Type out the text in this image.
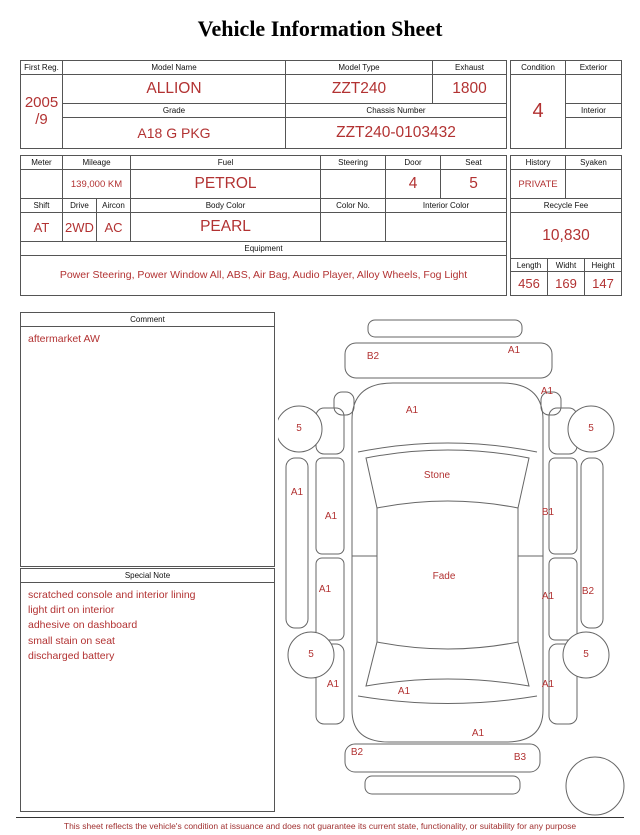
Vehicle Information Sheet
First Reg.	Model Name	Model Type	Exhaust

2005
/9	ALLION	ZZT240	1800
	Grade	Chassis Number	
	A18 G PKG	ZZT240-0103432	
Condition	Exterior
4	
	Interior

Meter	Mileage		Fuel	Steering	Door	Seat
	139,000 KM		PETROL		4	5
Shift	Drive	Aircon	Body Color	Color No.	Interior Color	
AT	2WD	AC	PEARL			
Equipment						
Power Steering, Power Window All, ABS, Air Bag, Audio Player, Alloy Wheels, Fog Light						
History		Syaken	
PRIVATE			
Recycle Fee			
10,830			
Length	Widht		Height
456	169		147
Comment
aftermarket AW
Special Note
scratched console and interior lining
light dirt on interior
adhesive on dashboard
small stain on seat
discharged battery
B2
A1
A1
A1
5	5
A1
A1
Stone
B1
A1
Fade
A1	B2
5	5
A1	A1
A1
A1
B2	B3
This sheet reflects the vehicle's condition at issuance and does not guarantee its current state, functionality, or suitability for any purpose
